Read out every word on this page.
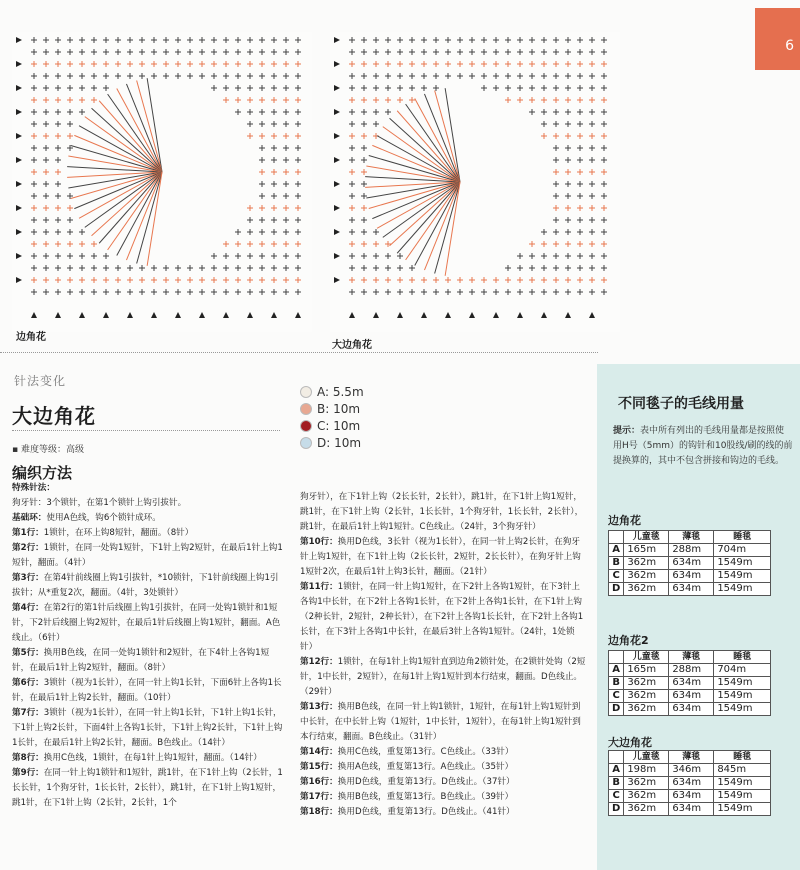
6
边角花
大边角花
针法变化
大边角花
▪ 难度等级：高级
编织方法
A: 5.5m
B: 10m
C: 10m
D: 10m

特殊针法：

狗牙针：3个锁针，在第1个锁针上钩引拔针。

基础环：使用A色线，钩6个锁针成环。

第1行：1锁针，在环上钩8短针，翻面。（8针）

第2行：1锁针，在同一处钩1短针，下1针上钩2短针，在最后1针上钩1短针，翻面。（4针）

第3行：在第4针前线圈上钩1引拔针，*10锁针，下1针前线圈上钩1引拔针；从*重复2次，翻面。（4针，3处锁针）

第4行：在第2行的第1针后线圈上钩1引拔针，在同一处钩1锁针和1短针，下2针后线圈上钩2短针，在最后1针后线圈上钩1短针，翻面。A色线止。（6针）

第5行：换用B色线，在同一处钩1锁针和2短针，在下4针上各钩1短针，在最后1针上钩2短针，翻面。（8针）

第6行：3锁针（视为1长针），在同一针上钩1长针，下面6针上各钩1长针，在最后1针上钩2长针，翻面。（10针）

第7行：3锁针（视为1长针），在同一针上钩1长针，下1针上钩1长针，下1针上钩2长针，下面4针上各钩1长针，下1针上钩2长针，下1针上钩1长针，在最后1针上钩2长针，翻面。B色线止。（14针）

第8行：换用C色线，1锁针，在每1针上钩1短针，翻面。（14针）

第9行：在同一针上钩1锁针和1短针，跳1针，在下1针上钩（2长针，1长长针，1个狗牙针，1长长针，2长针），跳1针，在下1针上钩1短针，跳1针，在下1针上钩（2长针，2长针，1个

狗牙针），在下1针上钩（2长长针，2长针），跳1针，在下1针上钩1短针，跳1针，在下1针上钩（2长针，1长长针，1个狗牙针，1长长针，2长针），跳1针，在最后1针上钩1短针。C色线止。（24针，3个狗牙针）

第10行：换用D色线，3长针（视为1长针），在同一针上钩2长针，在狗牙针上钩1短针，在下1针上钩（2长长针，2短针，2长长针），在狗牙针上钩1短针2次，在最后1针上钩3长针，翻面。（21针）

第11行：1锁针，在同一针上钩1短针，在下2针上各钩1短针，在下3针上各钩1中长针，在下2针上各钩1长针，在下2针上各钩1长针，在下1针上钩（2种长针，2短针，2种长针），在下2针上各钩1长长针，在下2针上各钩1长针，在下3针上各钩1中长针，在最后3针上各钩1短针。（24针，1处锁针）

第12行：1锁针，在每1针上钩1短针直到边角2锁针处，在2锁针处钩（2短针，1中长针，2短针），在每1针上钩1短针到本行结束，翻面。D色线止。（29针）

第13行：换用B色线，在同一针上钩1锁针，1短针，在每1针上钩1短针到中长针，在中长针上钩（1短针，1中长针，1短针），在每1针上钩1短针到本行结束，翻面。B色线止。（31针）

第14行：换用C色线，重复第13行。C色线止。（33针）

第15行：换用A色线，重复第13行。A色线止。（35针）

第16行：换用D色线，重复第13行。D色线止。（37针）

第17行：换用B色线，重复第13行。B色线止。（39针）

第18行：换用D色线，重复第13行。D色线止。（41针）

不同毯子的毛线用量
提示：表中所有列出的毛线用量都是按照使用H号（5mm）的钩针和10股线/刷的线的前提换算的，其中不包含拼接和钩边的毛线。
边角花
	儿童毯	薄毯	睡毯
A	165m	288m	704m
B	362m	634m	1549m
C	362m	634m	1549m
D	362m	634m	1549m
边角花2
	儿童毯	薄毯	睡毯
A	165m	288m	704m
B	362m	634m	1549m
C	362m	634m	1549m
D	362m	634m	1549m
大边角花
	儿童毯	薄毯	睡毯
A	198m	346m	845m
B	362m	634m	1549m
C	362m	634m	1549m
D	362m	634m	1549m
